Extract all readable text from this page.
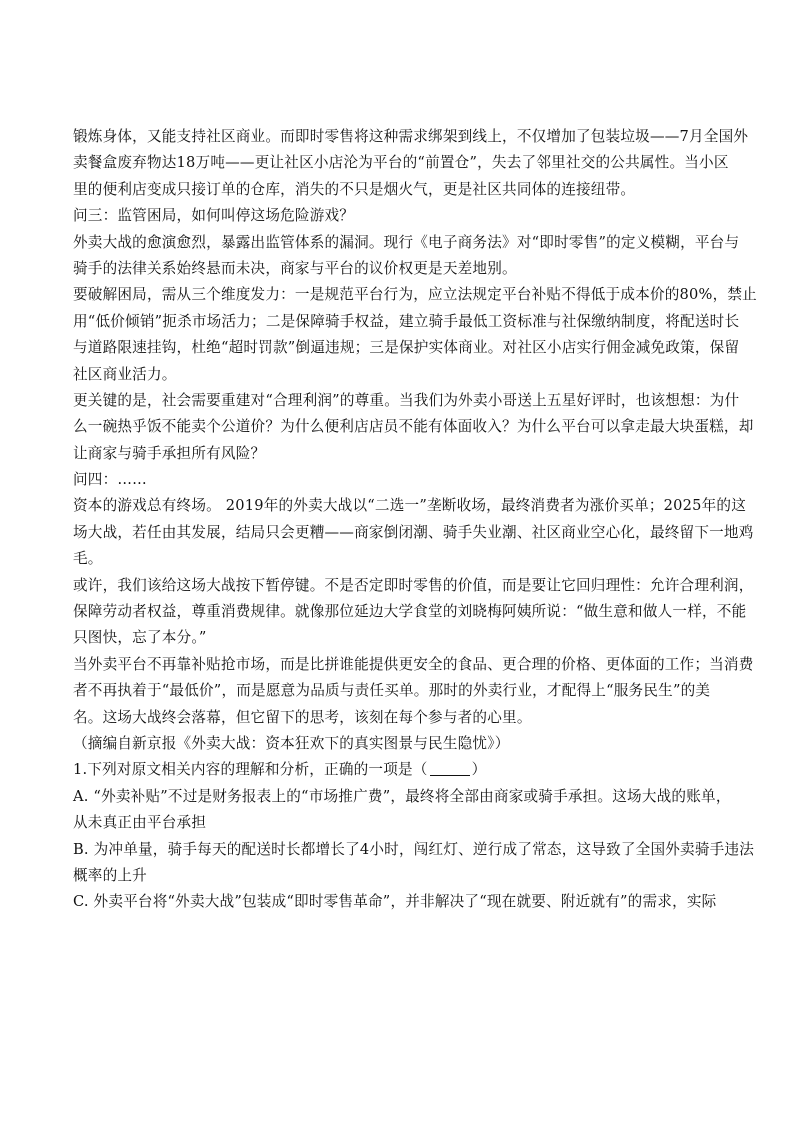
锻炼身体，又能支持社区商业。而即时零售将这种需求绑架到线上，不仅增加了包装垃圾——7月全国外
卖餐盒废弃物达18万吨——更让社区小店沦为平台的“前置仓”，失去了邻里社交的公共属性。当小区
里的便利店变成只接订单的仓库，消失的不只是烟火气，更是社区共同体的连接纽带。
问三：监管困局，如何叫停这场危险游戏？
外卖大战的愈演愈烈，暴露出监管体系的漏洞。现行《电子商务法》对“即时零售”的定义模糊，平台与
骑手的法律关系始终悬而未决，商家与平台的议价权更是天差地别。
要破解困局，需从三个维度发力：一是规范平台行为，应立法规定平台补贴不得低于成本价的80%，禁止
用“低价倾销”扼杀市场活力；二是保障骑手权益，建立骑手最低工资标准与社保缴纳制度，将配送时长
与道路限速挂钩，杜绝“超时罚款”倒逼违规；三是保护实体商业。对社区小店实行佣金减免政策，保留
社区商业活力。
更关键的是，社会需要重建对“合理利润”的尊重。当我们为外卖小哥送上五星好评时，也该想想：为什
么一碗热乎饭不能卖个公道价？为什么便利店店员不能有体面收入？为什么平台可以拿走最大块蛋糕，却
让商家与骑手承担所有风险？
问四：……
资本的游戏总有终场。 2019年的外卖大战以“二选一”垄断收场，最终消费者为涨价买单；2025年的这
场大战，若任由其发展，结局只会更糟——商家倒闭潮、骑手失业潮、社区商业空心化，最终留下一地鸡
毛。
或许，我们该给这场大战按下暂停键。不是否定即时零售的价值，而是要让它回归理性：允许合理利润，
保障劳动者权益，尊重消费规律。就像那位延边大学食堂的刘晓梅阿姨所说：“做生意和做人一样，不能
只图快，忘了本分。”
当外卖平台不再靠补贴抢市场，而是比拼谁能提供更安全的食品、更合理的价格、更体面的工作；当消费
者不再执着于“最低价”，而是愿意为品质与责任买单。那时的外卖行业，才配得上“服务民生”的美
名。这场大战终会落幕，但它留下的思考，该刻在每个参与者的心里。
（摘编自新京报《外卖大战：资本狂欢下的真实图景与民生隐忧》）
1.下列对原文相关内容的理解和分析，正确的一项是（	）
A. “外卖补贴”不过是财务报表上的“市场推广费”，最终将全部由商家或骑手承担。这场大战的账单，
从未真正由平台承担
B. 为冲单量，骑手每天的配送时长都增长了4小时，闯红灯、逆行成了常态，这导致了全国外卖骑手违法
概率的上升
C. 外卖平台将“外卖大战”包装成“即时零售革命”，并非解决了“现在就要、附近就有”的需求，实际
